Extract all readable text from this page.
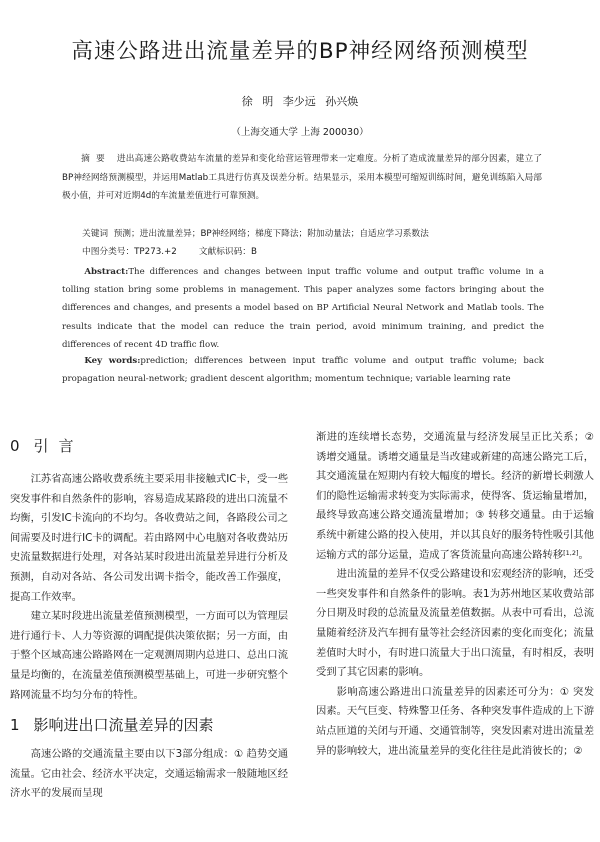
高速公路进出流量差异的BP神经网络预测模型
徐 明 李少远 孙兴焕
（上海交通大学 上海 200030）
摘要 进出高速公路收费站车流量的差异和变化给营运管理带来一定难度。分析了造成流量差异的部分因素，建立了BP神经网络预测模型，并运用Matlab工具进行仿真及误差分析。结果显示，采用本模型可缩短训练时间，避免训练陷入局部极小值，并可对近期4d的车流量差值进行可靠预测。
关键词 预测；进出流量差异；BP神经网络；梯度下降法；附加动量法；自适应学习系数法
中图分类号：TP273.+2	文献标识码：B
Abstract:The differences and changes between input traffic volume and output traffic volume in a tolling station bring some problems in management. This paper analyzes some factors bringing about the differences and changes, and presents a model based on BP Artificial Neural Network and Matlab tools. The results indicate that the model can reduce the train period, avoid minimum training, and predict the differences of recent 4D traffic flow.
Key words:prediction; differences between input traffic volume and output traffic volume; back propagation neural-network; gradient descent algorithm; momentum technique; variable learning rate
0 引言

江苏省高速公路收费系统主要采用非接触式IC卡，受一些突发事件和自然条件的影响，容易造成某路段的进出口流量不均衡，引发IC卡流向的不均匀。各收费站之间，各路段公司之间需要及时进行IC卡的调配。若由路网中心电脑对各收费站历史流量数据进行处理，对各站某时段进出流量差异进行分析及预测，自动对各站、各公司发出调卡指令，能改善工作强度，提高工作效率。

建立某时段进出流量差值预测模型，一方面可以为管理层进行通行卡、人力等资源的调配提供决策依据；另一方面，由于整个区域高速公路路网在一定观测周期内总进口、总出口流量是均衡的，在流量差值预测模型基础上，可进一步研究整个路网流量不均匀分布的特性。

1 影响进出口流量差异的因素

高速公路的交通流量主要由以下3部分组成：① 趋势交通流量。它由社会、经济水平决定，交通运输需求一般随地区经济水平的发展而呈现

渐进的连续增长态势，交通流量与经济发展呈正比关系；② 诱增交通量。诱增交通量是当改建或新建的高速公路完工后，其交通流量在短期内有较大幅度的增长。经济的新增长刺激人们的隐性运输需求转变为实际需求，使得客、货运输量增加，最终导致高速公路交通流量增加；③ 转移交通量。由于运输系统中新建公路的投入使用，并以其良好的服务特性吸引其他运输方式的部分运量，造成了客货流量向高速公路转移[1,2]。

进出流量的差异不仅受公路建设和宏观经济的影响，还受一些突发事件和自然条件的影响。表1为苏州地区某收费站部分日期及时段的总流量及流量差值数据。从表中可看出，总流量随着经济及汽车拥有量等社会经济因素的变化而变化；流量差值时大时小，有时进口流量大于出口流量，有时相反，表明受到了其它因素的影响。

影响高速公路进出口流量差异的因素还可分为：① 突发因素。天气巨变、特殊警卫任务、各种突发事件造成的上下游站点匝道的关闭与开通、交通管制等，突发因素对进出流量差异的影响较大，进出流量差异的变化往往是此消彼长的；②
